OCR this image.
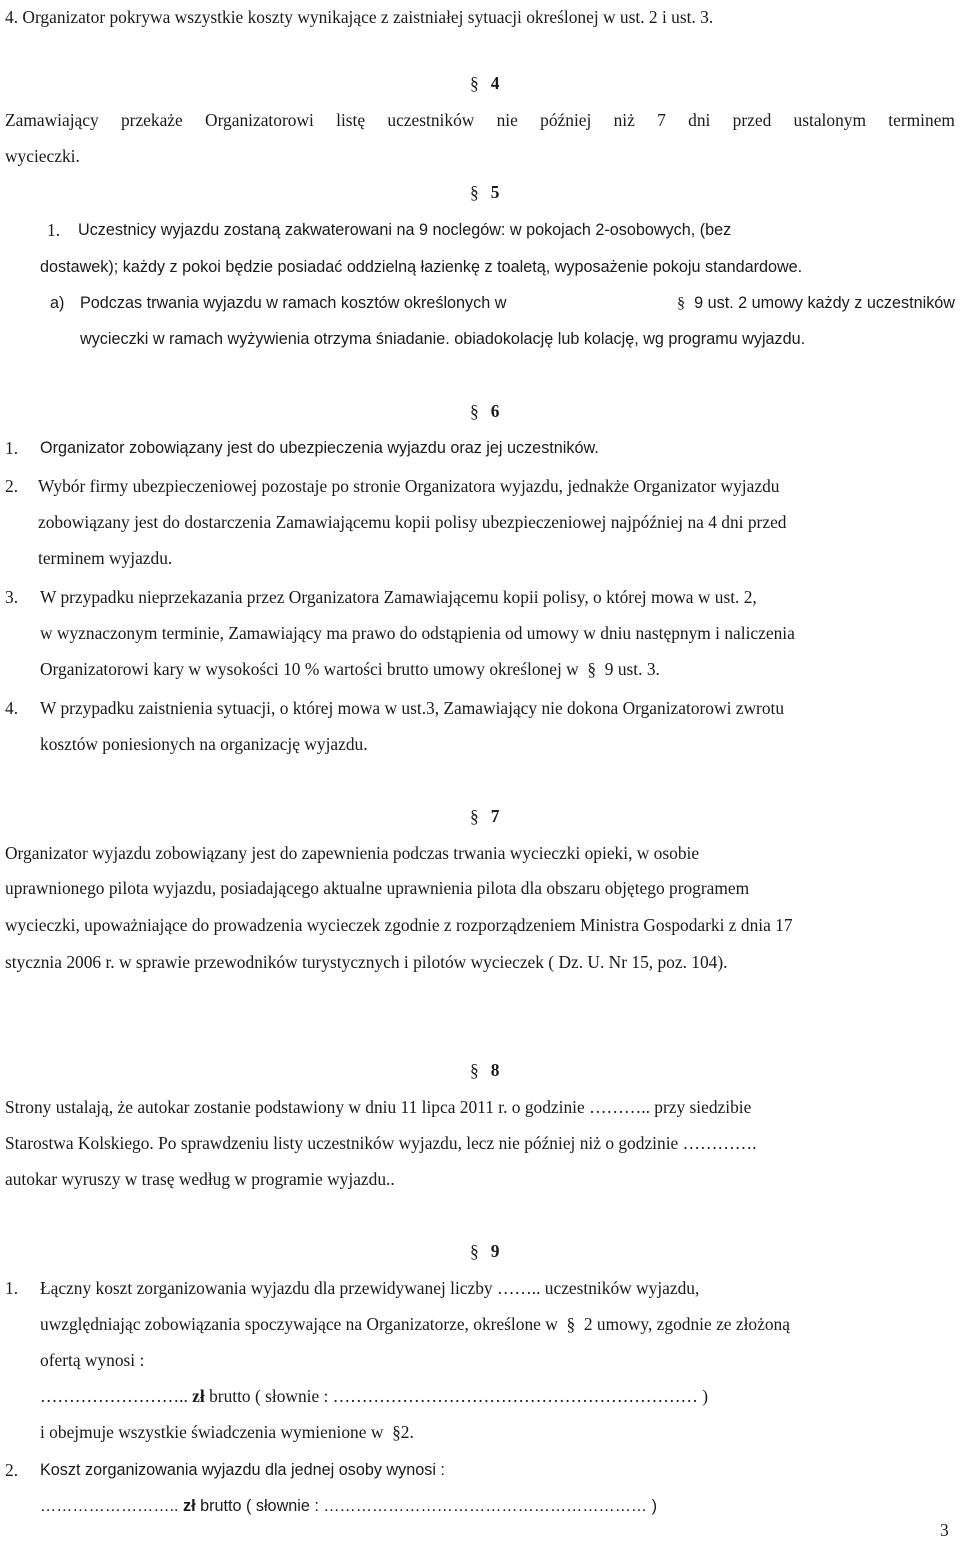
4. Organizator pokrywa wszystkie koszty wynikające z zaistniałej sytuacji określonej w ust. 2 i ust. 3.
§ 4
Zamawiający przekaże Organizatorowi listę uczestników nie później niż 7 dni przed ustalonym terminem
wycieczki.
§ 5
1. Uczestnicy wyjazdu zostaną zakwaterowani na 9 noclegów: w pokojach 2-osobowych, (bez
dostawek); każdy z pokoi będzie posiadać oddzielną łazienkę z toaletą, wyposażenie pokoju standardowe.
a) Podczas trwania wyjazdu w ramach kosztów określonych w	§ 9 ust. 2 umowy każdy z uczestników
wycieczki w ramach wyżywienia otrzyma śniadanie. obiadokolację lub kolację, wg programu wyjazdu.
§ 6
1. Organizator zobowiązany jest do ubezpieczenia wyjazdu oraz jej uczestników.
2. Wybór firmy ubezpieczeniowej pozostaje po stronie Organizatora wyjazdu, jednakże Organizator wyjazdu
zobowiązany jest do dostarczenia Zamawiającemu kopii polisy ubezpieczeniowej najpóźniej na 4 dni przed
terminem wyjazdu.
3. W przypadku nieprzekazania przez Organizatora Zamawiającemu kopii polisy, o której mowa w ust. 2,
w wyznaczonym terminie, Zamawiający ma prawo do odstąpienia od umowy w dniu następnym i naliczenia
Organizatorowi kary w wysokości 10 % wartości brutto umowy określonej w § 9 ust. 3.
4. W przypadku zaistnienia sytuacji, o której mowa w ust.3, Zamawiający nie dokona Organizatorowi zwrotu
kosztów poniesionych na organizację wyjazdu.
§ 7
Organizator wyjazdu zobowiązany jest do zapewnienia podczas trwania wycieczki opieki, w osobie
uprawnionego pilota wyjazdu, posiadającego aktualne uprawnienia pilota dla obszaru objętego programem
wycieczki, upoważniające do prowadzenia wycieczek zgodnie z rozporządzeniem Ministra Gospodarki z dnia 17
stycznia 2006 r. w sprawie przewodników turystycznych i pilotów wycieczek ( Dz. U. Nr 15, poz. 104).
§ 8
Strony ustalają, że autokar zostanie podstawiony w dniu 11 lipca 2011 r. o godzinie ……….. przy siedzibie
Starostwa Kolskiego. Po sprawdzeniu listy uczestników wyjazdu, lecz nie później niż o godzinie ………….
autokar wyruszy w trasę według w programie wyjazdu..
§ 9
1. Łączny koszt zorganizowania wyjazdu dla przewidywanej liczby …….. uczestników wyjazdu,
uwzględniając zobowiązania spoczywające na Organizatorze, określone w § 2 umowy, zgodnie ze złożoną
ofertą wynosi :
…………………….. zł brutto ( słownie : ……………………………………………………… )
i obejmuje wszystkie świadczenia wymienione w §2.
2. Koszt zorganizowania wyjazdu dla jednej osoby wynosi :
…………………….. zł brutto ( słownie : …………………………………………………… )
3
